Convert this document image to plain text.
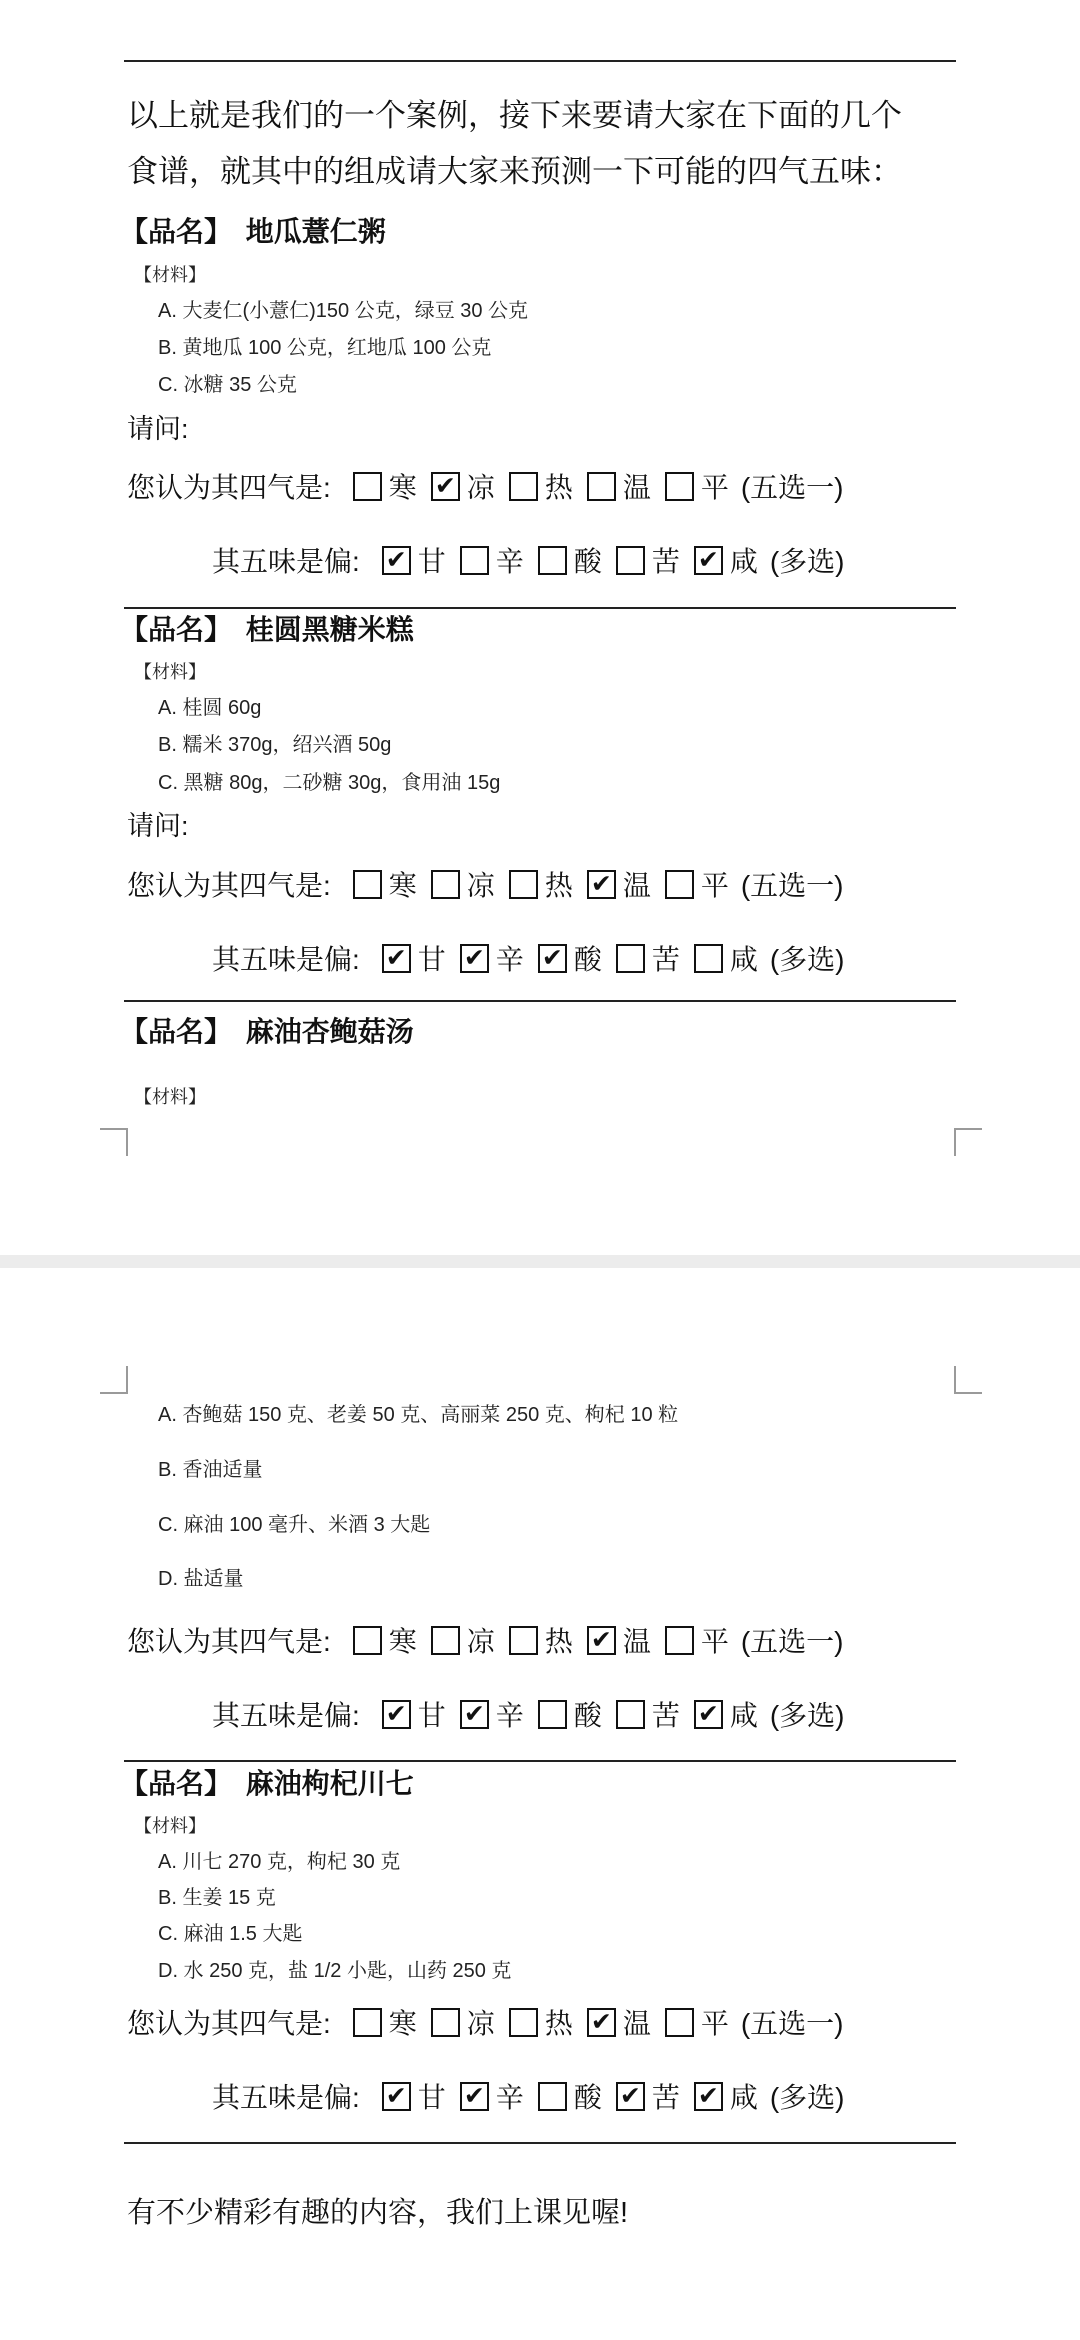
以上就是我们的一个案例，接下来要请大家在下面的几个
食谱，就其中的组成请大家来预测一下可能的四气五味：
【品名】 地瓜薏仁粥
【材料】
A. 大麦仁(小薏仁)150 公克，绿豆 30 公克
B. 黄地瓜 100 公克，红地瓜 100 公克
C. 冰糖 35 公克
请问:
您认为其四气是: 寒 ✔ 凉 热 温 平 (五选一)
其五味是偏: ✔ 甘 辛 酸 苦 ✔ 咸 (多选)
【品名】 桂圆黑糖米糕
【材料】
A. 桂圆 60g
B. 糯米 370g，绍兴酒 50g
C. 黑糖 80g，二砂糖 30g，食用油 15g
请问:
您认为其四气是: 寒 凉 热 ✔ 温 平 (五选一)
其五味是偏: ✔ 甘 ✔ 辛 ✔ 酸 苦 咸 (多选)
【品名】 麻油杏鲍菇汤
【材料】
A. 杏鲍菇 150 克、老姜 50 克、高丽菜 250 克、枸杞 10 粒
B. 香油适量
C. 麻油 100 毫升、米酒 3 大匙
D. 盐适量
您认为其四气是: 寒 凉 热 ✔ 温 平 (五选一)
其五味是偏: ✔ 甘 ✔ 辛 酸 苦 ✔ 咸 (多选)
【品名】 麻油枸杞川七
【材料】
A. 川七 270 克，枸杞 30 克
B. 生姜 15 克
C. 麻油 1.5 大匙
D. 水 250 克，盐 1/2 小匙，山药 250 克
您认为其四气是: 寒 凉 热 ✔ 温 平 (五选一)
其五味是偏: ✔ 甘 ✔ 辛 酸 ✔ 苦 ✔ 咸 (多选)
有不少精彩有趣的内容，我们上课见喔!
